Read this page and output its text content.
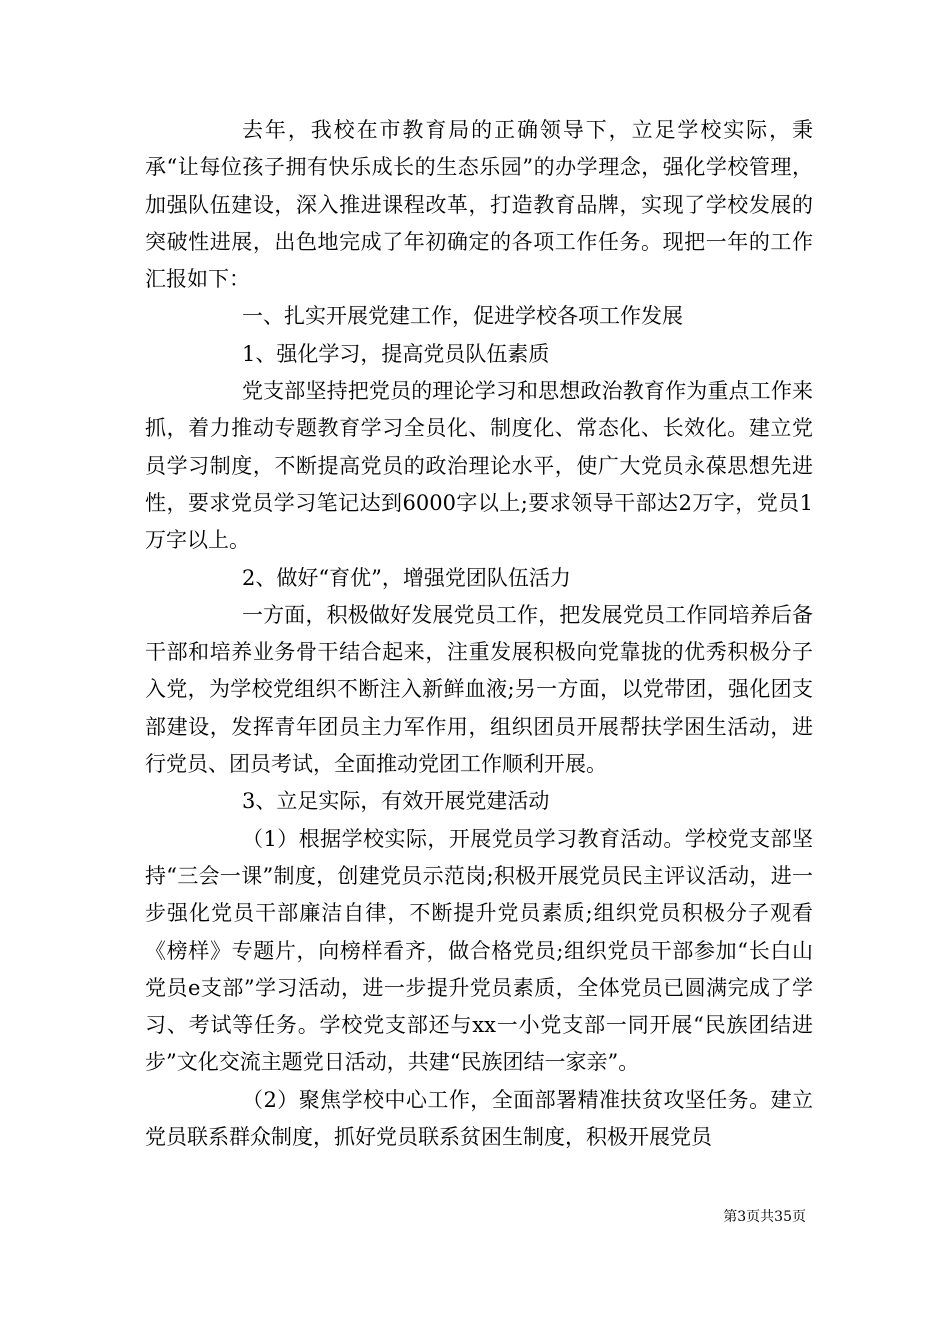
去年，我校在市教育局的正确领导下，立足学校实际，秉承“让每位孩子拥有快乐成长的生态乐园”的办学理念，强化学校管理，加强队伍建设，深入推进课程改革，打造教育品牌，实现了学校发展的突破性进展，出色地完成了年初确定的各项工作任务。现把一年的工作汇报如下：

一、扎实开展党建工作，促进学校各项工作发展

1、强化学习，提高党员队伍素质

党支部坚持把党员的理论学习和思想政治教育作为重点工作来抓，着力推动专题教育学习全员化、制度化、常态化、长效化。建立党员学习制度，不断提高党员的政治理论水平，使广大党员永葆思想先进性，要求党员学习笔记达到6000字以上;要求领导干部达2万字，党员1万字以上。

2、做好“育优”，增强党团队伍活力

一方面，积极做好发展党员工作，把发展党员工作同培养后备干部和培养业务骨干结合起来，注重发展积极向党靠拢的优秀积极分子入党，为学校党组织不断注入新鲜血液;另一方面，以党带团，强化团支部建设，发挥青年团员主力军作用，组织团员开展帮扶学困生活动，进行党员、团员考试，全面推动党团工作顺利开展。

3、立足实际，有效开展党建活动

（1）根据学校实际，开展党员学习教育活动。学校党支部坚持“三会一课”制度，创建党员示范岗;积极开展党员民主评议活动，进一步强化党员干部廉洁自律，不断提升党员素质;组织党员积极分子观看《榜样》专题片，向榜样看齐，做合格党员;组织党员干部参加“长白山党员e支部”学习活动，进一步提升党员素质，全体党员已圆满完成了学习、考试等任务。学校党支部还与xx一小党支部一同开展“民族团结进步”文化交流主题党日活动，共建“民族团结一家亲”。

（2）聚焦学校中心工作，全面部署精准扶贫攻坚任务。建立党员联系群众制度，抓好党员联系贫困生制度，积极开展党员

第3页共35页
